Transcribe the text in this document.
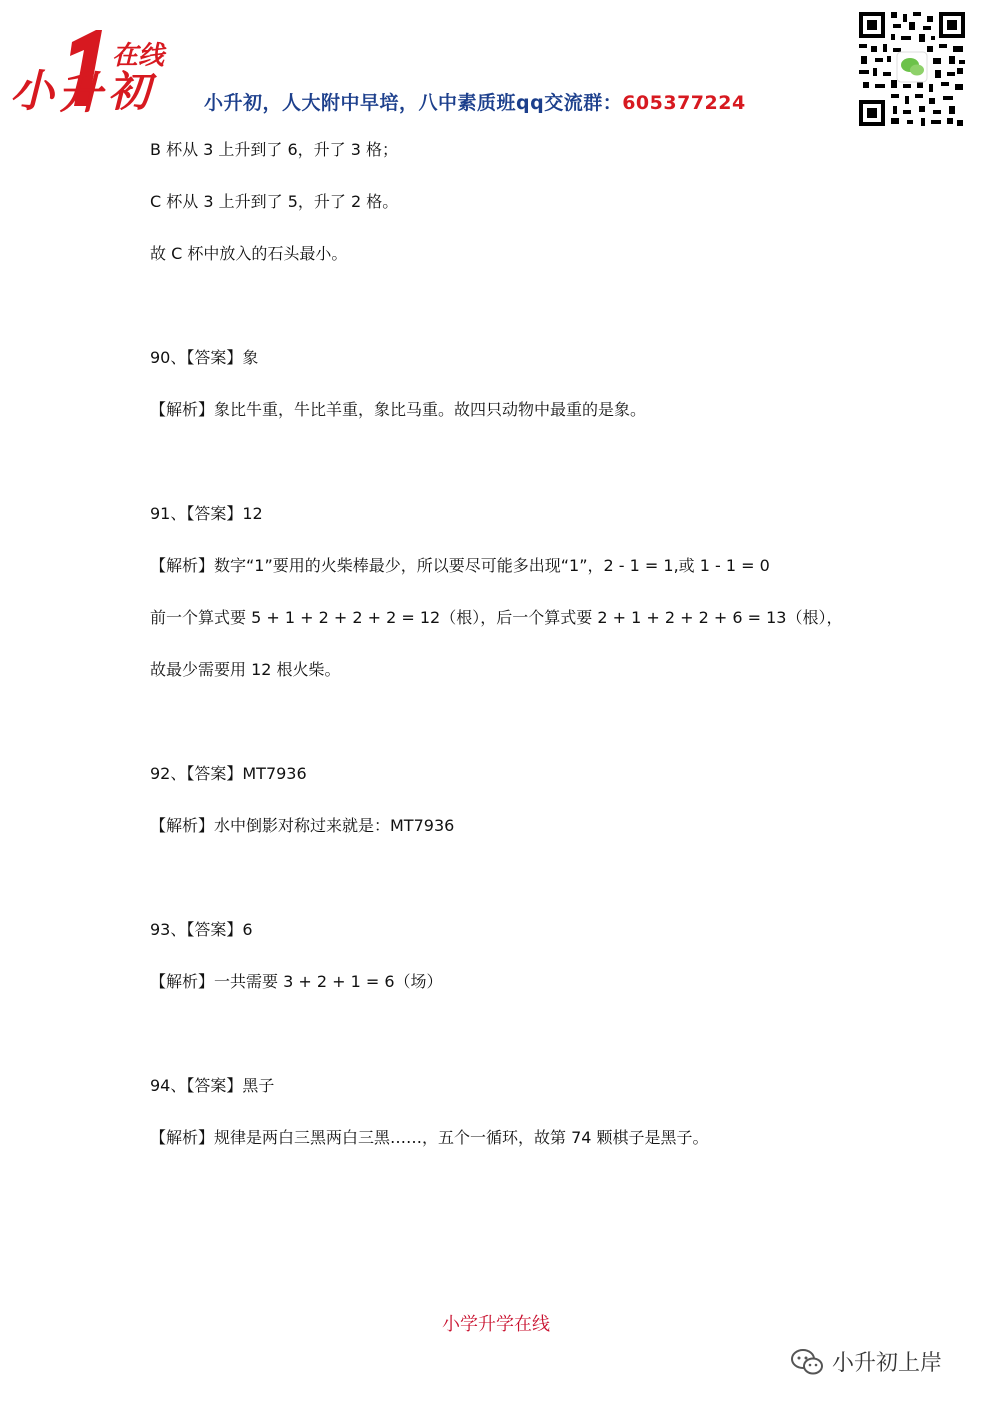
小 升 初
在线
小升初，人大附中早培，八中素质班qq交流群：605377224
B 杯从 3 上升到了 6，升了 3 格；
C 杯从 3 上升到了 5，升了 2 格。
故 C 杯中放入的石头最小。
90、【答案】象
【解析】象比牛重，牛比羊重，象比马重。故四只动物中最重的是象。
91、【答案】12
【解析】数字“1”要用的火柴棒最少，所以要尽可能多出现“1”，2 - 1 = 1,或 1 - 1 = 0
前一个算式要 5 + 1 + 2 + 2 + 2 = 12（根），后一个算式要 2 + 1 + 2 + 2 + 6 = 13（根），
故最少需要用 12 根火柴。
92、【答案】MT7936
【解析】水中倒影对称过来就是：MT7936
93、【答案】6
【解析】一共需要 3 + 2 + 1 = 6（场）
94、【答案】黑子
【解析】规律是两白三黑两白三黑……，五个一循环，故第 74 颗棋子是黑子。
小学升学在线
小升初上岸
